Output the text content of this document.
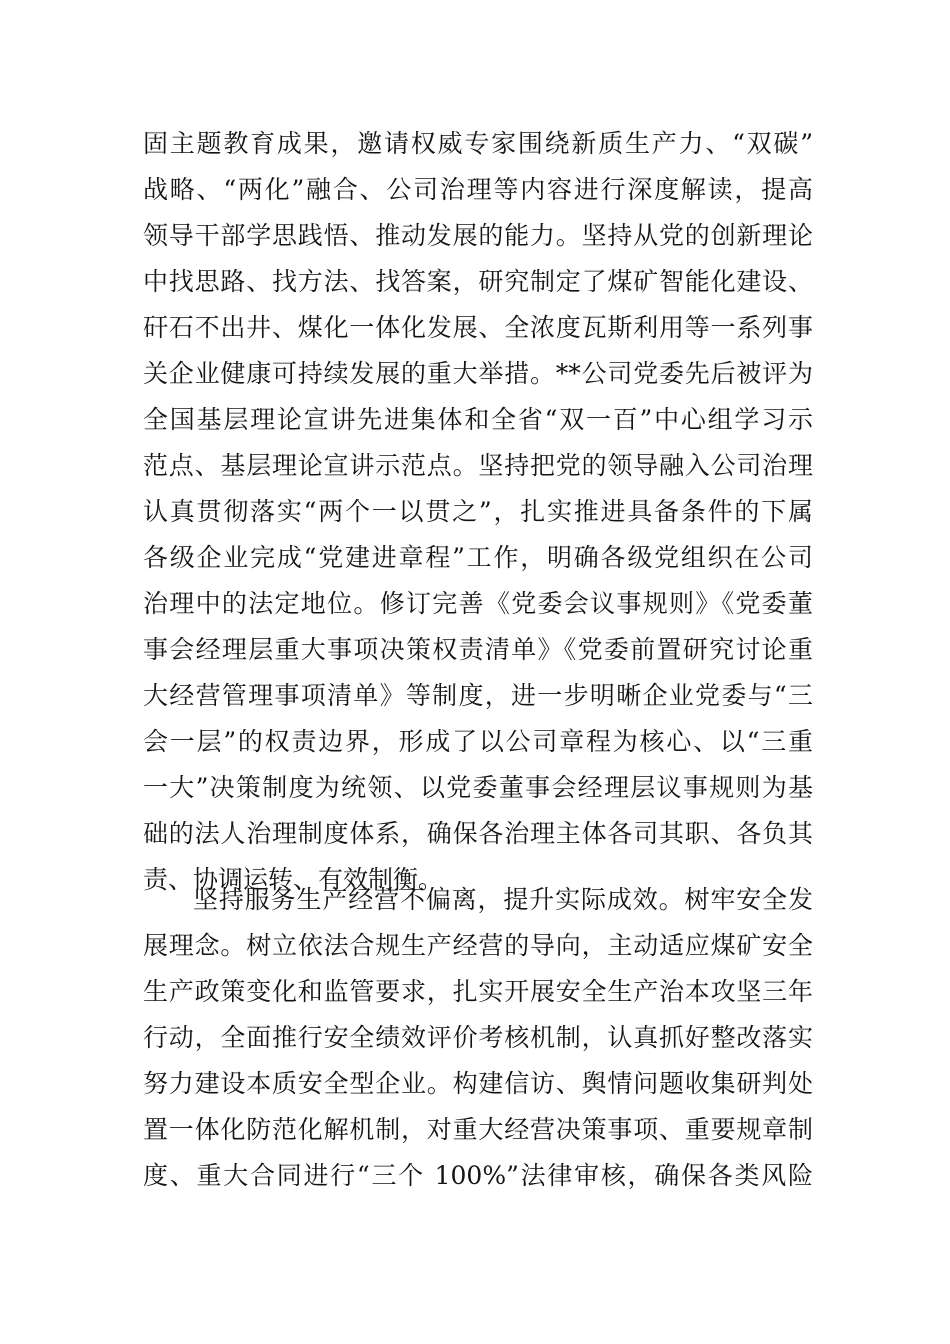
固主题教育成果，邀请权威专家围绕新质生产力、“双碳”
战略、“两化”融合、公司治理等内容进行深度解读，提高
领导干部学思践悟、推动发展的能力。坚持从党的创新理论
中找思路、找方法、找答案，研究制定了煤矿智能化建设、
矸石不出井、煤化一体化发展、全浓度瓦斯利用等一系列事
关企业健康可持续发展的重大举措。**公司党委先后被评为
全国基层理论宣讲先进集体和全省“双一百”中心组学习示
范点、基层理论宣讲示范点。坚持把党的领导融入公司治理
认真贯彻落实“两个一以贯之”，扎实推进具备条件的下属
各级企业完成“党建进章程”工作，明确各级党组织在公司
治理中的法定地位。修订完善《党委会议事规则》《党委董
事会经理层重大事项决策权责清单》《党委前置研究讨论重
大经营管理事项清单》等制度，进一步明晰企业党委与“三
会一层”的权责边界，形成了以公司章程为核心、以“三重
一大”决策制度为统领、以党委董事会经理层议事规则为基
础的法人治理制度体系，确保各治理主体各司其职、各负其
责、协调运转、有效制衡。
坚持服务生产经营不偏离，提升实际成效。树牢安全发
展理念。树立依法合规生产经营的导向，主动适应煤矿安全
生产政策变化和监管要求，扎实开展安全生产治本攻坚三年
行动，全面推行安全绩效评价考核机制，认真抓好整改落实
努力建设本质安全型企业。构建信访、舆情问题收集研判处
置一体化防范化解机制，对重大经营决策事项、重要规章制
度、重大合同进行“三个 100%”法律审核，确保各类风险
